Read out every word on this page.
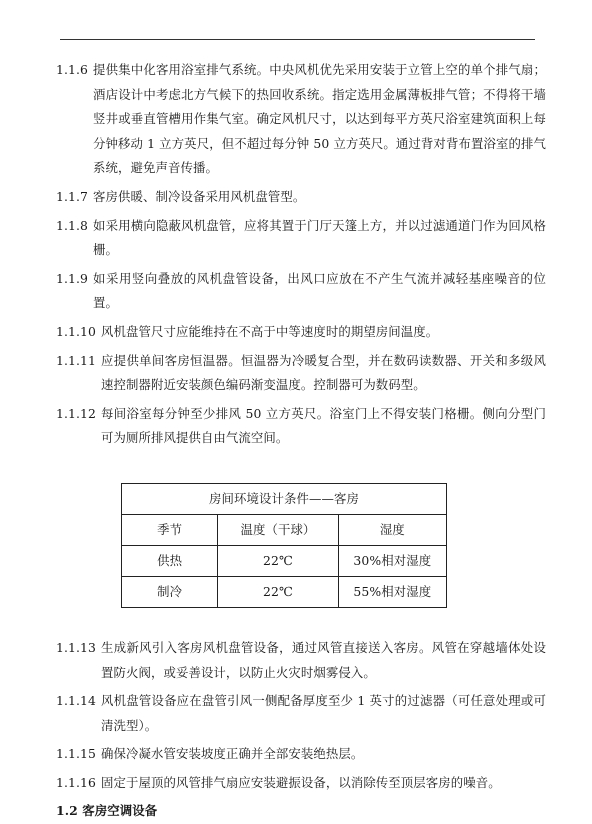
1.1.6 提供集中化客用浴室排气系统。中央风机优先采用安装于立管上空的单个排气扇；酒店设计中考虑北方气候下的热回收系统。指定选用金属薄板排气管；不得将干墙竖井或垂直管槽用作集气室。确定风机尺寸，以达到每平方英尺浴室建筑面积上每分钟移动 1 立方英尺，但不超过每分钟 50 立方英尺。通过背对背布置浴室的排气系统，避免声音传播。
1.1.7 客房供暖、制冷设备采用风机盘管型。
1.1.8 如采用横向隐蔽风机盘管，应将其置于门厅天篷上方，并以过滤通道门作为回风格栅。
1.1.9 如采用竖向叠放的风机盘管设备，出风口应放在不产生气流并减轻基座噪音的位置。
1.1.10 风机盘管尺寸应能维持在不高于中等速度时的期望房间温度。
1.1.11 应提供单间客房恒温器。恒温器为冷暖复合型，并在数码读数器、开关和多级风速控制器附近安装颜色编码渐变温度。控制器可为数码型。
1.1.12 每间浴室每分钟至少排风 50 立方英尺。浴室门上不得安装门格栅。侧向分型门可为厕所排风提供自由气流空间。
房间环境设计条件——客房		
季节	温度（干球）	湿度
供热	22℃	30%相对湿度
制冷	22℃	55%相对湿度
1.1.13 生成新风引入客房风机盘管设备，通过风管直接送入客房。风管在穿越墙体处设置防火阀，或妥善设计，以防止火灾时烟雾侵入。
1.1.14 风机盘管设备应在盘管引风一侧配备厚度至少 1 英寸的过滤器（可任意处理或可清洗型）。
1.1.15 确保冷凝水管安装坡度正确并全部安装绝热层。
1.1.16 固定于屋顶的风管排气扇应安装避振设备，以消除传至顶层客房的噪音。
1.2 客房空调设备
